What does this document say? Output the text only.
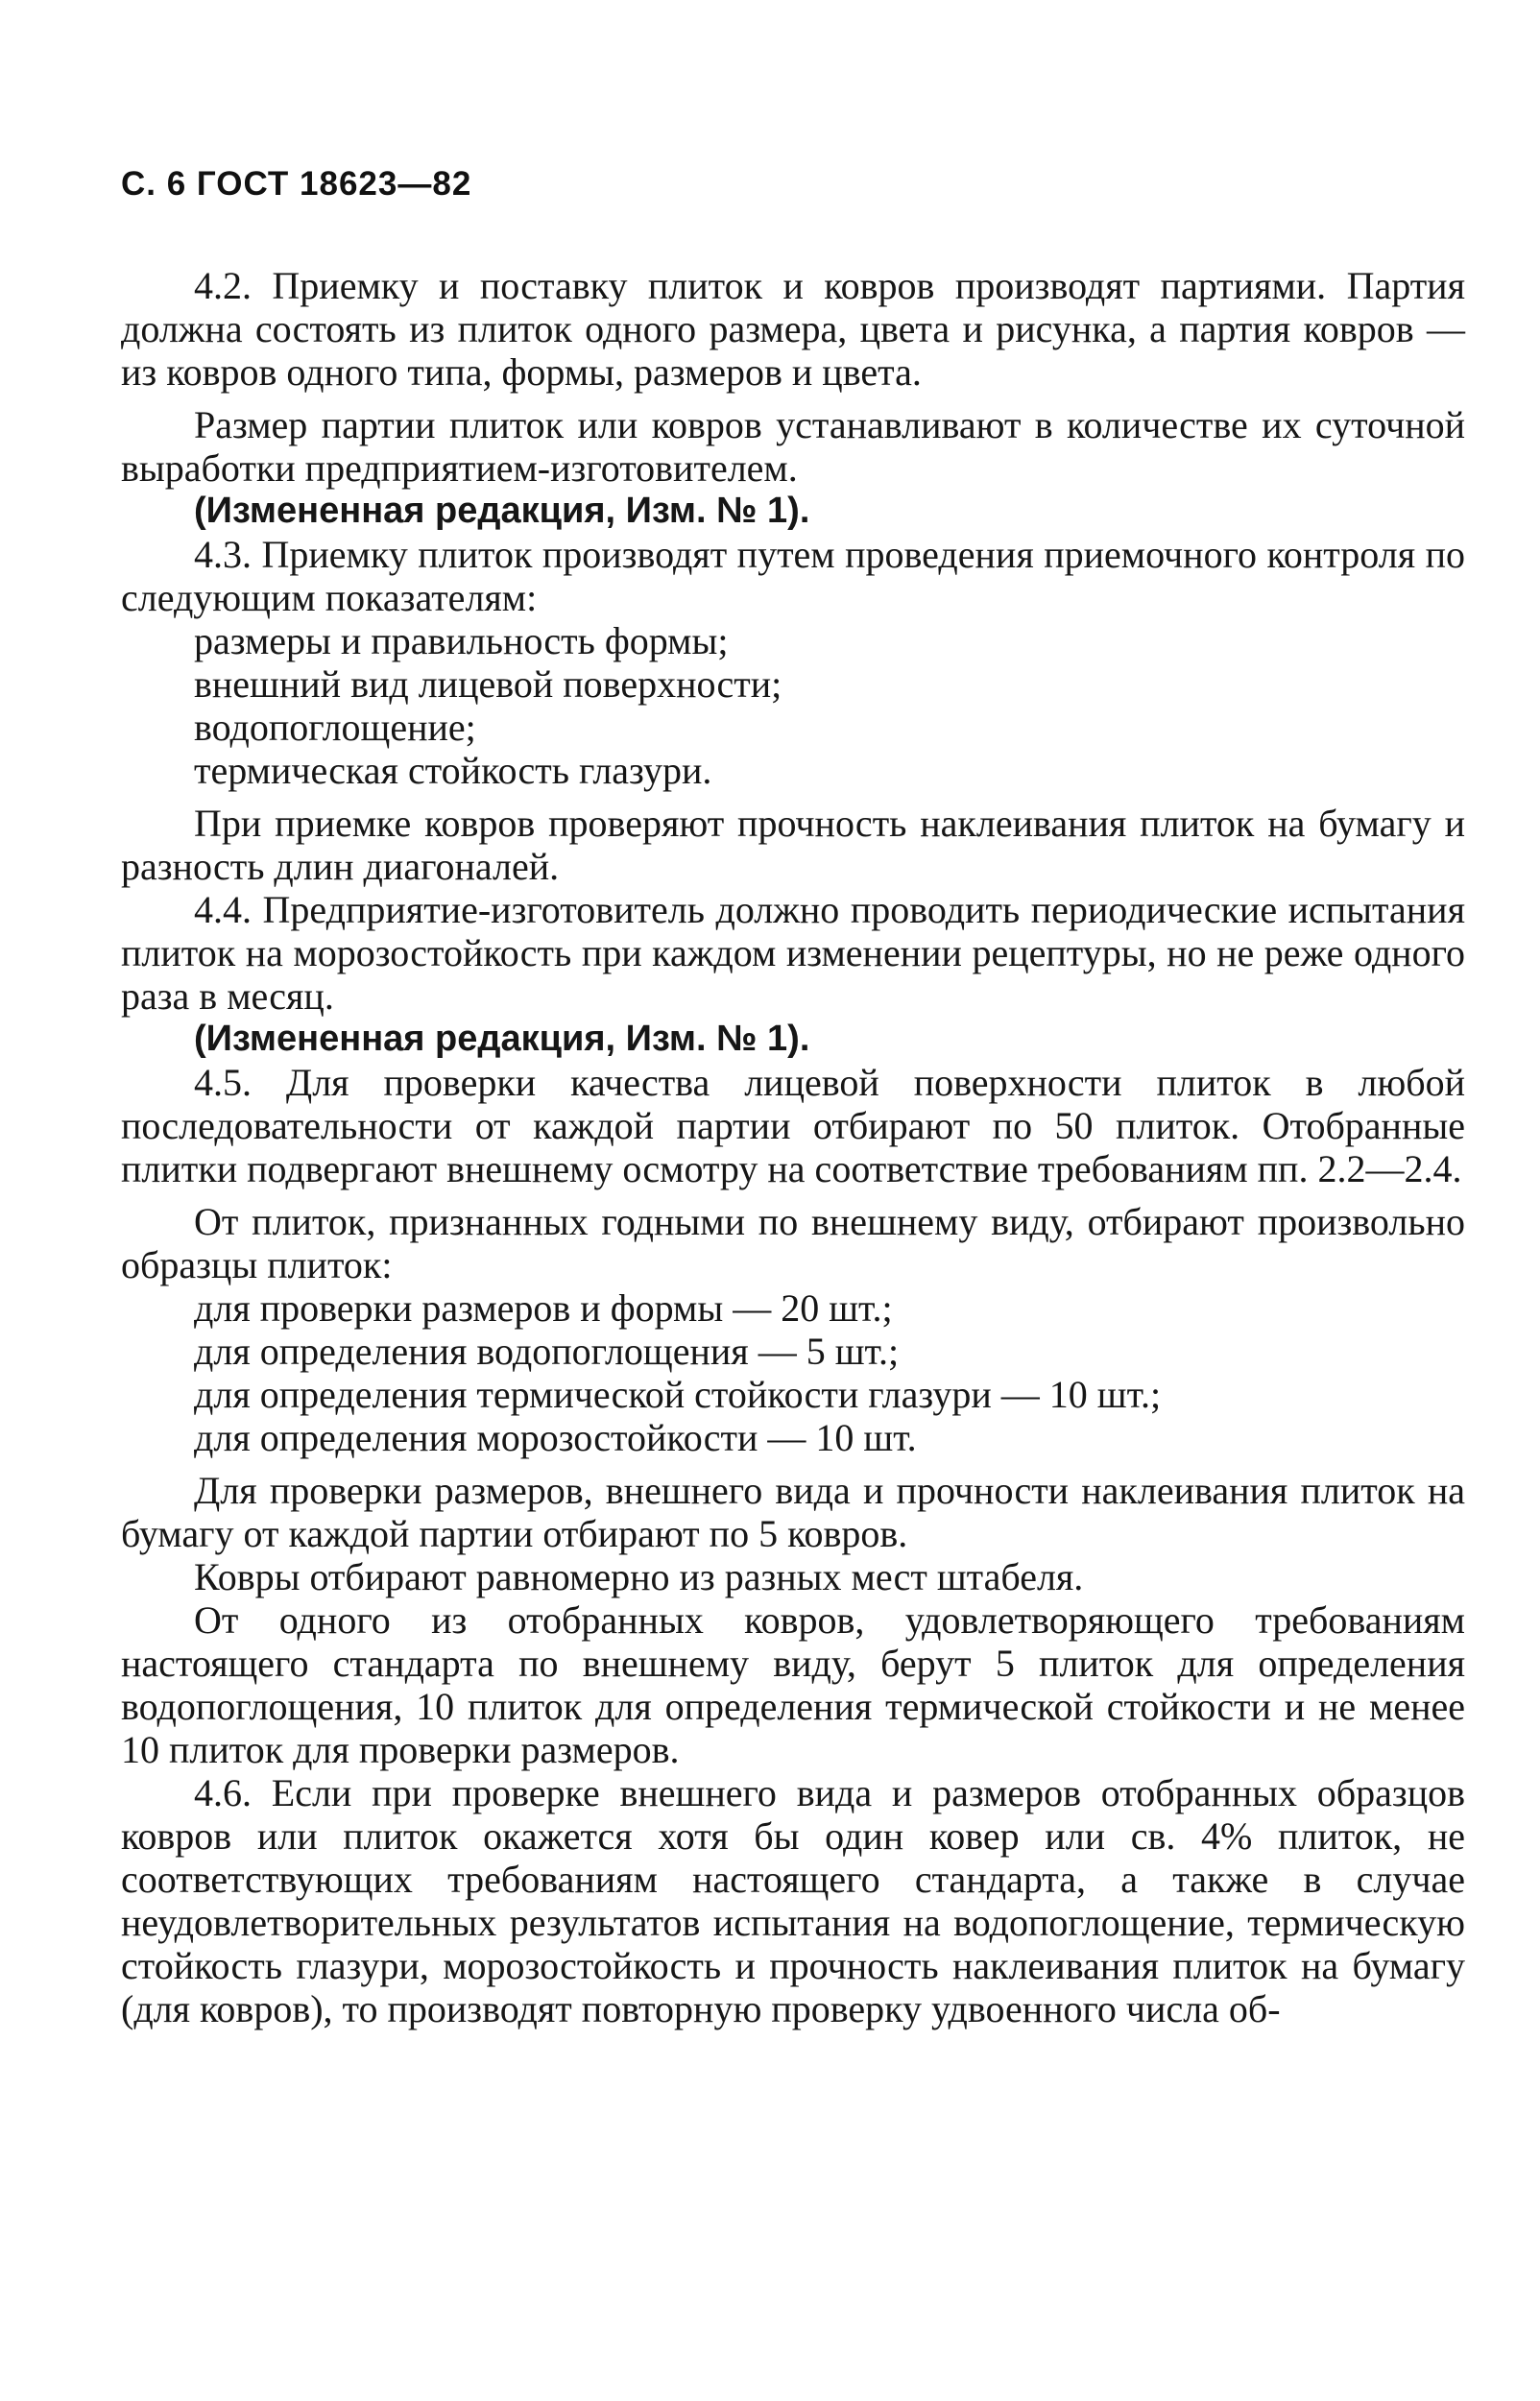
С. 6 ГОСТ 18623—82

4.2. Приемку и поставку плиток и ковров производят партиями. Партия должна состоять из плиток одного размера, цвета и рисунка, а партия ковров — из ковров одного типа, формы, размеров и цвета.

Размер партии плиток или ковров устанавливают в количестве их суточной выработки предприятием-изготовителем.

(Измененная редакция, Изм. № 1).

4.3. Приемку плиток производят путем проведения приемочного контроля по следующим показателям:

размеры и правильность формы;

внешний вид лицевой поверхности;

водопоглощение;

термическая стойкость глазури.

При приемке ковров проверяют прочность наклеивания плиток на бумагу и разность длин диагоналей.

4.4. Предприятие-изготовитель должно проводить периодические испытания плиток на морозостойкость при каждом изменении рецептуры, но не реже одного раза в месяц.

(Измененная редакция, Изм. № 1).

4.5. Для проверки качества лицевой поверхности плиток в любой последовательности от каждой партии отбирают по 50 плиток. Отобранные плитки подвергают внешнему осмотру на соответствие требованиям пп. 2.2—2.4.

От плиток, признанных годными по внешнему виду, отбирают произвольно образцы плиток:

для проверки размеров и формы — 20 шт.;

для определения водопоглощения — 5 шт.;

для определения термической стойкости глазури — 10 шт.;

для определения морозостойкости — 10 шт.

Для проверки размеров, внешнего вида и прочности наклеивания плиток на бумагу от каждой партии отбирают по 5 ковров.

Ковры отбирают равномерно из разных мест штабеля.

От одного из отобранных ковров, удовлетворяющего требованиям настоящего стандарта по внешнему виду, берут 5 плиток для определения водопоглощения, 10 плиток для определения термической стойкости и не менее 10 плиток для проверки размеров.

4.6. Если при проверке внешнего вида и размеров отобранных образцов ковров или плиток окажется хотя бы один ковер или св. 4% плиток, не соответствующих требованиям настоящего стандарта, а также в случае неудовлетворительных результатов испытания на водопоглощение, термическую стойкость глазури, морозостойкость и прочность наклеивания плиток на бумагу (для ковров), то производят повторную проверку удвоенного числа об-
